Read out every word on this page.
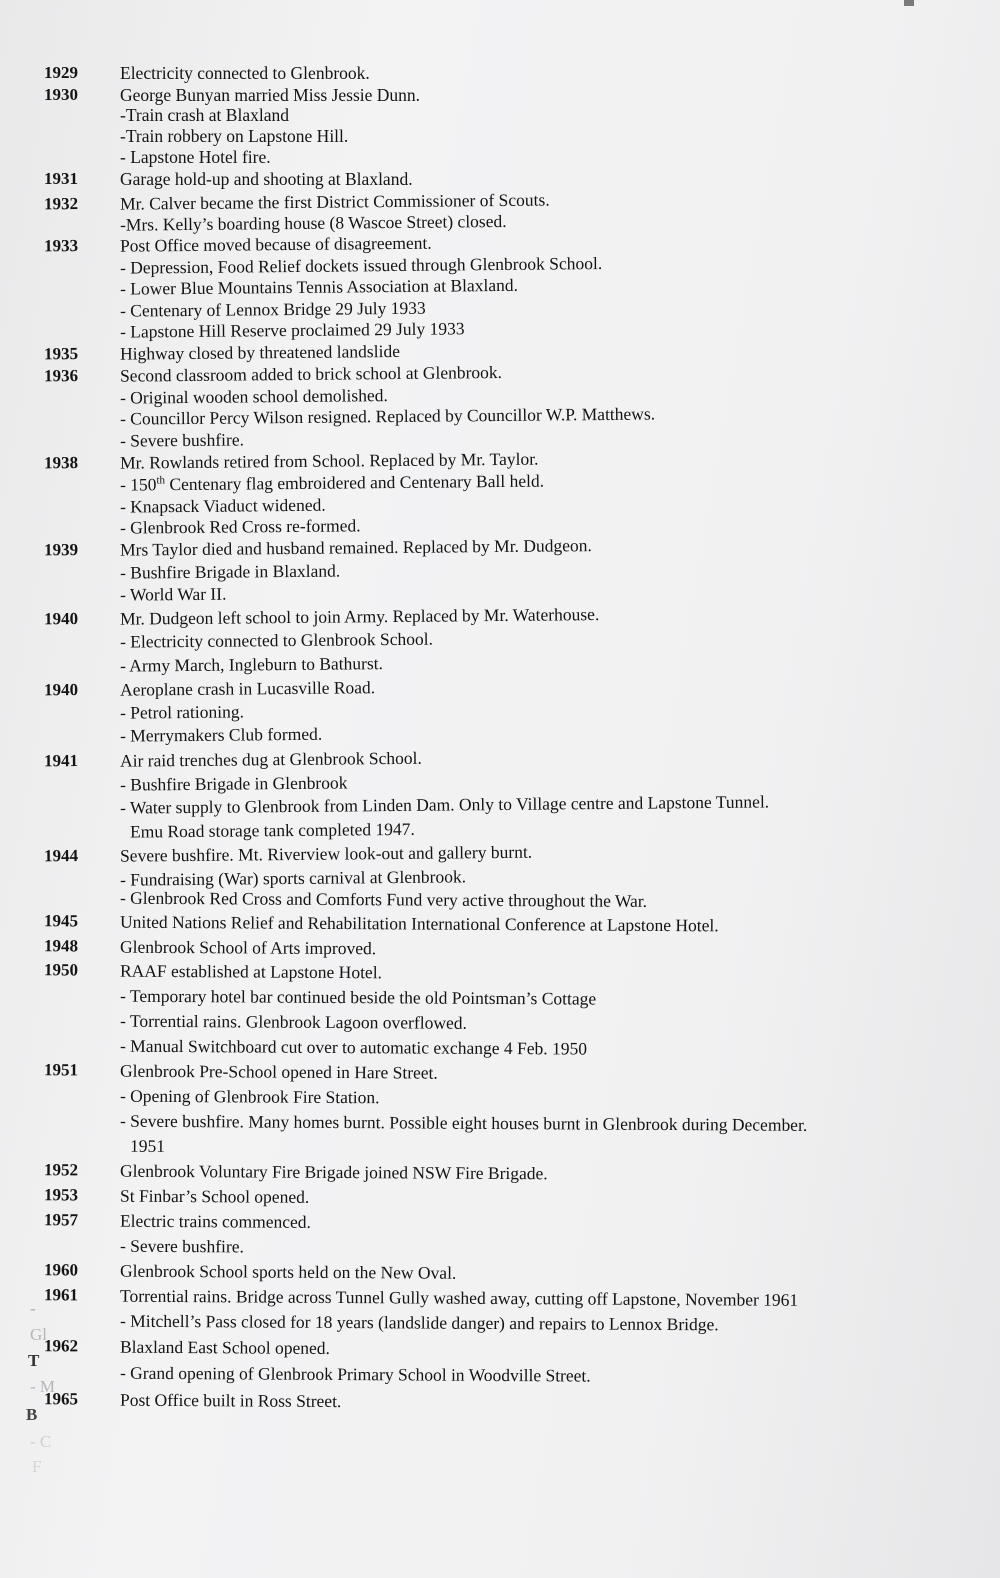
1929 Electricity connected to Glenbrook.
1930 George Bunyan married Miss Jessie Dunn.
-Train crash at Blaxland
-Train robbery on Lapstone Hill.
- Lapstone Hotel fire.
1931 Garage hold-up and shooting at Blaxland.
1932 Mr. Calver became the first District Commissioner of Scouts.
-Mrs. Kelly’s boarding house (8 Wascoe Street) closed.
1933 Post Office moved because of disagreement.
- Depression, Food Relief dockets issued through Glenbrook School.
- Lower Blue Mountains Tennis Association at Blaxland.
- Centenary of Lennox Bridge 29 July 1933
- Lapstone Hill Reserve proclaimed 29 July 1933
1935 Highway closed by threatened landslide
1936 Second classroom added to brick school at Glenbrook.
- Original wooden school demolished.
- Councillor Percy Wilson resigned. Replaced by Councillor W.P. Matthews.
- Severe bushfire.
1938 Mr. Rowlands retired from School. Replaced by Mr. Taylor.
- 150th Centenary flag embroidered and Centenary Ball held.
- Knapsack Viaduct widened.
- Glenbrook Red Cross re-formed.
1939 Mrs Taylor died and husband remained. Replaced by Mr. Dudgeon.
- Bushfire Brigade in Blaxland.
- World War II.
1940 Mr. Dudgeon left school to join Army. Replaced by Mr. Waterhouse.
- Electricity connected to Glenbrook School.
- Army March, Ingleburn to Bathurst.
1940 Aeroplane crash in Lucasville Road.
- Petrol rationing.
- Merrymakers Club formed.
1941 Air raid trenches dug at Glenbrook School.
- Bushfire Brigade in Glenbrook
- Water supply to Glenbrook from Linden Dam. Only to Village centre and Lapstone Tunnel.
Emu Road storage tank completed 1947.
1944 Severe bushfire. Mt. Riverview look-out and gallery burnt.
- Fundraising (War) sports carnival at Glenbrook.
- Glenbrook Red Cross and Comforts Fund very active throughout the War.
1945 United Nations Relief and Rehabilitation International Conference at Lapstone Hotel.
1948 Glenbrook School of Arts improved.
1950 RAAF established at Lapstone Hotel.
- Temporary hotel bar continued beside the old Pointsman’s Cottage
- Torrential rains. Glenbrook Lagoon overflowed.
- Manual Switchboard cut over to automatic exchange 4 Feb. 1950
1951 Glenbrook Pre-School opened in Hare Street.
- Opening of Glenbrook Fire Station.
- Severe bushfire. Many homes burnt. Possible eight houses burnt in Glenbrook during December.
1951
1952 Glenbrook Voluntary Fire Brigade joined NSW Fire Brigade.
1953 St Finbar’s School opened.
1957 Electric trains commenced.
- Severe bushfire.
1960 Glenbrook School sports held on the New Oval.
1961 Torrential rains. Bridge across Tunnel Gully washed away, cutting off Lapstone, November 1961
- Mitchell’s Pass closed for 18 years (landslide danger) and repairs to Lennox Bridge.
1962 Blaxland East School opened.
- Grand opening of Glenbrook Primary School in Woodville Street.
1965 Post Office built in Ross Street.
-
Gl
T
- M
B
- C
F
